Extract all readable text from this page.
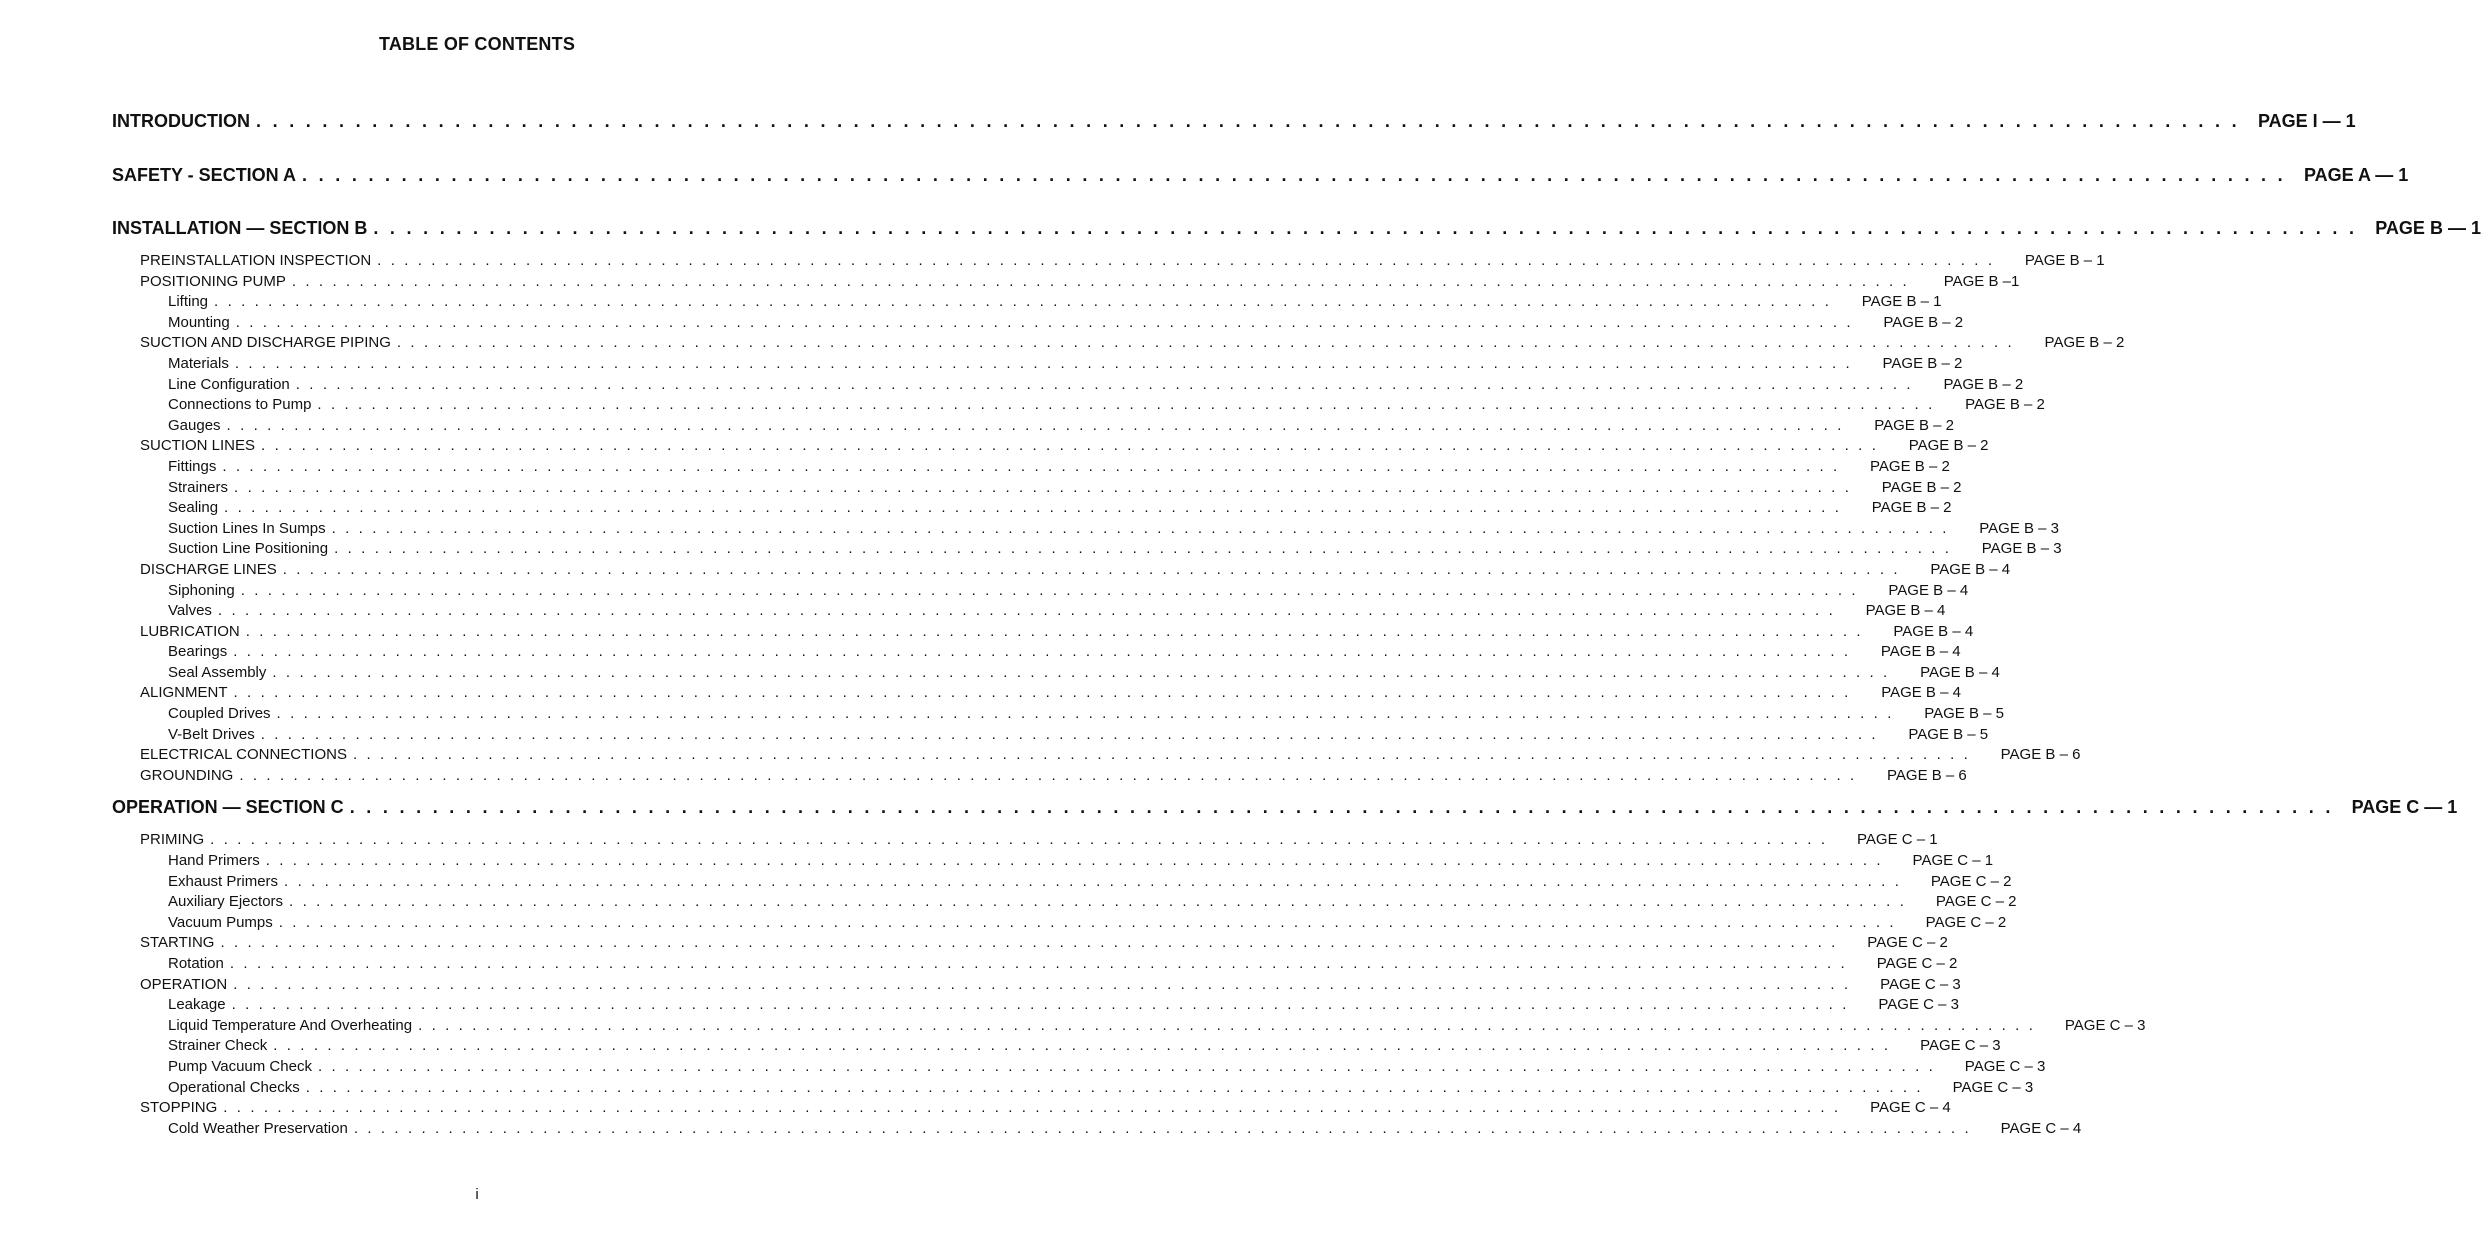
TABLE OF CONTENTS
INTRODUCTION . . . . . . . . . . . . . . . . . . . . . . . . . . . . . . . . . . . . . . . . . . . . . . . . . . . . . . . . . . . . . . . . . . . . . . . . . . . . . . . . . . . . . . . . . . . . . . . . . . . . . . . . . . . . . . . . . . . . . . . .	PAGE I — 1
SAFETY - SECTION A . . . . . . . . . . . . . . . . . . . . . . . . . . . . . . . . . . . . . . . . . . . . . . . . . . . . . . . . . . . . . . . . . . . . . . . . . . . . . . . . . . . . . . . . . . . . . . . . . . . . . . . . . . . . . . . . . . . . . . . .	PAGE A — 1
INSTALLATION — SECTION B . . . . . . . . . . . . . . . . . . . . . . . . . . . . . . . . . . . . . . . . . . . . . . . . . . . . . . . . . . . . . . . . . . . . . . . . . . . . . . . . . . . . . . . . . . . . . . . . . . . . . . . . . . . . . . . . . . . . . . . .	PAGE B — 1
PREINSTALLATION INSPECTION . . . . . . . . . . . . . . . . . . . . . . . . . . . . . . . . . . . . . . . . . . . . . . . . . . . . . . . . . . . . . . . . . . . . . . . . . . . . . . . . . . . . . . . . . . . . . . . . . . . . . . . . . . . . . . . . . . . . . . . .	PAGE B – 1
POSITIONING PUMP . . . . . . . . . . . . . . . . . . . . . . . . . . . . . . . . . . . . . . . . . . . . . . . . . . . . . . . . . . . . . . . . . . . . . . . . . . . . . . . . . . . . . . . . . . . . . . . . . . . . . . . . . . . . . . . . . . . . . . . .	PAGE B –1
Lifting . . . . . . . . . . . . . . . . . . . . . . . . . . . . . . . . . . . . . . . . . . . . . . . . . . . . . . . . . . . . . . . . . . . . . . . . . . . . . . . . . . . . . . . . . . . . . . . . . . . . . . . . . . . . . . . . . . . . . . . .	PAGE B – 1
Mounting . . . . . . . . . . . . . . . . . . . . . . . . . . . . . . . . . . . . . . . . . . . . . . . . . . . . . . . . . . . . . . . . . . . . . . . . . . . . . . . . . . . . . . . . . . . . . . . . . . . . . . . . . . . . . . . . . . . . . . . .	PAGE B – 2
SUCTION AND DISCHARGE PIPING . . . . . . . . . . . . . . . . . . . . . . . . . . . . . . . . . . . . . . . . . . . . . . . . . . . . . . . . . . . . . . . . . . . . . . . . . . . . . . . . . . . . . . . . . . . . . . . . . . . . . . . . . . . . . . . . . . . . . . . .	PAGE B – 2
Materials . . . . . . . . . . . . . . . . . . . . . . . . . . . . . . . . . . . . . . . . . . . . . . . . . . . . . . . . . . . . . . . . . . . . . . . . . . . . . . . . . . . . . . . . . . . . . . . . . . . . . . . . . . . . . . . . . . . . . . . .	PAGE B – 2
Line Configuration . . . . . . . . . . . . . . . . . . . . . . . . . . . . . . . . . . . . . . . . . . . . . . . . . . . . . . . . . . . . . . . . . . . . . . . . . . . . . . . . . . . . . . . . . . . . . . . . . . . . . . . . . . . . . . . . . . . . . . . .	PAGE B – 2
Connections to Pump . . . . . . . . . . . . . . . . . . . . . . . . . . . . . . . . . . . . . . . . . . . . . . . . . . . . . . . . . . . . . . . . . . . . . . . . . . . . . . . . . . . . . . . . . . . . . . . . . . . . . . . . . . . . . . . . . . . . . . . .	PAGE B – 2
Gauges . . . . . . . . . . . . . . . . . . . . . . . . . . . . . . . . . . . . . . . . . . . . . . . . . . . . . . . . . . . . . . . . . . . . . . . . . . . . . . . . . . . . . . . . . . . . . . . . . . . . . . . . . . . . . . . . . . . . . . . .	PAGE B – 2
SUCTION LINES . . . . . . . . . . . . . . . . . . . . . . . . . . . . . . . . . . . . . . . . . . . . . . . . . . . . . . . . . . . . . . . . . . . . . . . . . . . . . . . . . . . . . . . . . . . . . . . . . . . . . . . . . . . . . . . . . . . . . . . .	PAGE B – 2
Fittings . . . . . . . . . . . . . . . . . . . . . . . . . . . . . . . . . . . . . . . . . . . . . . . . . . . . . . . . . . . . . . . . . . . . . . . . . . . . . . . . . . . . . . . . . . . . . . . . . . . . . . . . . . . . . . . . . . . . . . . .	PAGE B – 2
Strainers . . . . . . . . . . . . . . . . . . . . . . . . . . . . . . . . . . . . . . . . . . . . . . . . . . . . . . . . . . . . . . . . . . . . . . . . . . . . . . . . . . . . . . . . . . . . . . . . . . . . . . . . . . . . . . . . . . . . . . . .	PAGE B – 2
Sealing . . . . . . . . . . . . . . . . . . . . . . . . . . . . . . . . . . . . . . . . . . . . . . . . . . . . . . . . . . . . . . . . . . . . . . . . . . . . . . . . . . . . . . . . . . . . . . . . . . . . . . . . . . . . . . . . . . . . . . . .	PAGE B – 2
Suction Lines In Sumps . . . . . . . . . . . . . . . . . . . . . . . . . . . . . . . . . . . . . . . . . . . . . . . . . . . . . . . . . . . . . . . . . . . . . . . . . . . . . . . . . . . . . . . . . . . . . . . . . . . . . . . . . . . . . . . . . . . . . . . .	PAGE B – 3
Suction Line Positioning . . . . . . . . . . . . . . . . . . . . . . . . . . . . . . . . . . . . . . . . . . . . . . . . . . . . . . . . . . . . . . . . . . . . . . . . . . . . . . . . . . . . . . . . . . . . . . . . . . . . . . . . . . . . . . . . . . . . . . . .	PAGE B – 3
DISCHARGE LINES . . . . . . . . . . . . . . . . . . . . . . . . . . . . . . . . . . . . . . . . . . . . . . . . . . . . . . . . . . . . . . . . . . . . . . . . . . . . . . . . . . . . . . . . . . . . . . . . . . . . . . . . . . . . . . . . . . . . . . . .	PAGE B – 4
Siphoning . . . . . . . . . . . . . . . . . . . . . . . . . . . . . . . . . . . . . . . . . . . . . . . . . . . . . . . . . . . . . . . . . . . . . . . . . . . . . . . . . . . . . . . . . . . . . . . . . . . . . . . . . . . . . . . . . . . . . . . .	PAGE B – 4
Valves . . . . . . . . . . . . . . . . . . . . . . . . . . . . . . . . . . . . . . . . . . . . . . . . . . . . . . . . . . . . . . . . . . . . . . . . . . . . . . . . . . . . . . . . . . . . . . . . . . . . . . . . . . . . . . . . . . . . . . . .	PAGE B – 4
LUBRICATION . . . . . . . . . . . . . . . . . . . . . . . . . . . . . . . . . . . . . . . . . . . . . . . . . . . . . . . . . . . . . . . . . . . . . . . . . . . . . . . . . . . . . . . . . . . . . . . . . . . . . . . . . . . . . . . . . . . . . . . .	PAGE B – 4
Bearings . . . . . . . . . . . . . . . . . . . . . . . . . . . . . . . . . . . . . . . . . . . . . . . . . . . . . . . . . . . . . . . . . . . . . . . . . . . . . . . . . . . . . . . . . . . . . . . . . . . . . . . . . . . . . . . . . . . . . . . .	PAGE B – 4
Seal Assembly . . . . . . . . . . . . . . . . . . . . . . . . . . . . . . . . . . . . . . . . . . . . . . . . . . . . . . . . . . . . . . . . . . . . . . . . . . . . . . . . . . . . . . . . . . . . . . . . . . . . . . . . . . . . . . . . . . . . . . . .	PAGE B – 4
ALIGNMENT . . . . . . . . . . . . . . . . . . . . . . . . . . . . . . . . . . . . . . . . . . . . . . . . . . . . . . . . . . . . . . . . . . . . . . . . . . . . . . . . . . . . . . . . . . . . . . . . . . . . . . . . . . . . . . . . . . . . . . . .	PAGE B – 4
Coupled Drives . . . . . . . . . . . . . . . . . . . . . . . . . . . . . . . . . . . . . . . . . . . . . . . . . . . . . . . . . . . . . . . . . . . . . . . . . . . . . . . . . . . . . . . . . . . . . . . . . . . . . . . . . . . . . . . . . . . . . . . .	PAGE B – 5
V-Belt Drives . . . . . . . . . . . . . . . . . . . . . . . . . . . . . . . . . . . . . . . . . . . . . . . . . . . . . . . . . . . . . . . . . . . . . . . . . . . . . . . . . . . . . . . . . . . . . . . . . . . . . . . . . . . . . . . . . . . . . . . .	PAGE B – 5
ELECTRICAL CONNECTIONS . . . . . . . . . . . . . . . . . . . . . . . . . . . . . . . . . . . . . . . . . . . . . . . . . . . . . . . . . . . . . . . . . . . . . . . . . . . . . . . . . . . . . . . . . . . . . . . . . . . . . . . . . . . . . . . . . . . . . . . .	PAGE B – 6
GROUNDING . . . . . . . . . . . . . . . . . . . . . . . . . . . . . . . . . . . . . . . . . . . . . . . . . . . . . . . . . . . . . . . . . . . . . . . . . . . . . . . . . . . . . . . . . . . . . . . . . . . . . . . . . . . . . . . . . . . . . . . .	PAGE B – 6
OPERATION — SECTION C . . . . . . . . . . . . . . . . . . . . . . . . . . . . . . . . . . . . . . . . . . . . . . . . . . . . . . . . . . . . . . . . . . . . . . . . . . . . . . . . . . . . . . . . . . . . . . . . . . . . . . . . . . . . . . . . . . . . . . . .	PAGE C — 1
PRIMING . . . . . . . . . . . . . . . . . . . . . . . . . . . . . . . . . . . . . . . . . . . . . . . . . . . . . . . . . . . . . . . . . . . . . . . . . . . . . . . . . . . . . . . . . . . . . . . . . . . . . . . . . . . . . . . . . . . . . . . .	PAGE C – 1
Hand Primers . . . . . . . . . . . . . . . . . . . . . . . . . . . . . . . . . . . . . . . . . . . . . . . . . . . . . . . . . . . . . . . . . . . . . . . . . . . . . . . . . . . . . . . . . . . . . . . . . . . . . . . . . . . . . . . . . . . . . . . .	PAGE C – 1
Exhaust Primers . . . . . . . . . . . . . . . . . . . . . . . . . . . . . . . . . . . . . . . . . . . . . . . . . . . . . . . . . . . . . . . . . . . . . . . . . . . . . . . . . . . . . . . . . . . . . . . . . . . . . . . . . . . . . . . . . . . . . . . .	PAGE C – 2
Auxiliary Ejectors . . . . . . . . . . . . . . . . . . . . . . . . . . . . . . . . . . . . . . . . . . . . . . . . . . . . . . . . . . . . . . . . . . . . . . . . . . . . . . . . . . . . . . . . . . . . . . . . . . . . . . . . . . . . . . . . . . . . . . . .	PAGE C – 2
Vacuum Pumps . . . . . . . . . . . . . . . . . . . . . . . . . . . . . . . . . . . . . . . . . . . . . . . . . . . . . . . . . . . . . . . . . . . . . . . . . . . . . . . . . . . . . . . . . . . . . . . . . . . . . . . . . . . . . . . . . . . . . . . .	PAGE C – 2
STARTING . . . . . . . . . . . . . . . . . . . . . . . . . . . . . . . . . . . . . . . . . . . . . . . . . . . . . . . . . . . . . . . . . . . . . . . . . . . . . . . . . . . . . . . . . . . . . . . . . . . . . . . . . . . . . . . . . . . . . . . .	PAGE C – 2
Rotation . . . . . . . . . . . . . . . . . . . . . . . . . . . . . . . . . . . . . . . . . . . . . . . . . . . . . . . . . . . . . . . . . . . . . . . . . . . . . . . . . . . . . . . . . . . . . . . . . . . . . . . . . . . . . . . . . . . . . . . .	PAGE C – 2
OPERATION . . . . . . . . . . . . . . . . . . . . . . . . . . . . . . . . . . . . . . . . . . . . . . . . . . . . . . . . . . . . . . . . . . . . . . . . . . . . . . . . . . . . . . . . . . . . . . . . . . . . . . . . . . . . . . . . . . . . . . . .	PAGE C – 3
Leakage . . . . . . . . . . . . . . . . . . . . . . . . . . . . . . . . . . . . . . . . . . . . . . . . . . . . . . . . . . . . . . . . . . . . . . . . . . . . . . . . . . . . . . . . . . . . . . . . . . . . . . . . . . . . . . . . . . . . . . . .	PAGE C – 3
Liquid Temperature And Overheating . . . . . . . . . . . . . . . . . . . . . . . . . . . . . . . . . . . . . . . . . . . . . . . . . . . . . . . . . . . . . . . . . . . . . . . . . . . . . . . . . . . . . . . . . . . . . . . . . . . . . . . . . . . . . . . . . . . . . . . .	PAGE C – 3
Strainer Check . . . . . . . . . . . . . . . . . . . . . . . . . . . . . . . . . . . . . . . . . . . . . . . . . . . . . . . . . . . . . . . . . . . . . . . . . . . . . . . . . . . . . . . . . . . . . . . . . . . . . . . . . . . . . . . . . . . . . . . .	PAGE C – 3
Pump Vacuum Check . . . . . . . . . . . . . . . . . . . . . . . . . . . . . . . . . . . . . . . . . . . . . . . . . . . . . . . . . . . . . . . . . . . . . . . . . . . . . . . . . . . . . . . . . . . . . . . . . . . . . . . . . . . . . . . . . . . . . . . .	PAGE C – 3
Operational Checks . . . . . . . . . . . . . . . . . . . . . . . . . . . . . . . . . . . . . . . . . . . . . . . . . . . . . . . . . . . . . . . . . . . . . . . . . . . . . . . . . . . . . . . . . . . . . . . . . . . . . . . . . . . . . . . . . . . . . . . .	PAGE C – 3
STOPPING . . . . . . . . . . . . . . . . . . . . . . . . . . . . . . . . . . . . . . . . . . . . . . . . . . . . . . . . . . . . . . . . . . . . . . . . . . . . . . . . . . . . . . . . . . . . . . . . . . . . . . . . . . . . . . . . . . . . . . . .	PAGE C – 4
Cold Weather Preservation . . . . . . . . . . . . . . . . . . . . . . . . . . . . . . . . . . . . . . . . . . . . . . . . . . . . . . . . . . . . . . . . . . . . . . . . . . . . . . . . . . . . . . . . . . . . . . . . . . . . . . . . . . . . . . . . . . . . . . . .	PAGE C – 4
i
